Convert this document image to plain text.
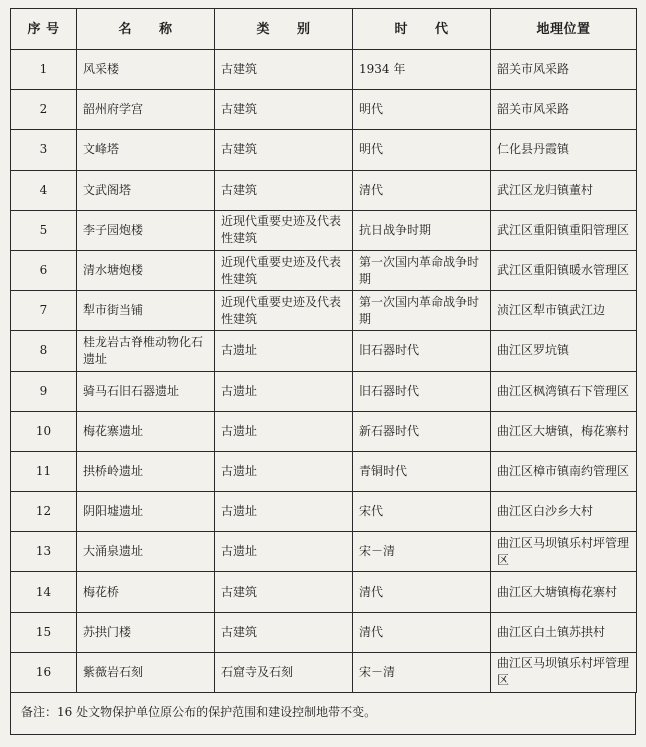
序 号	名　　称	类　　别	时　　代	地理位置
1	风采楼	古建筑	1934 年	韶关市风采路
2	韶州府学宫	古建筑	明代	韶关市风采路
3	文峰塔	古建筑	明代	仁化县丹霞镇
4	文武阁塔	古建筑	清代	武江区龙归镇董村
5	李子园炮楼	近现代重要史迹及代表性建筑	抗日战争时期	武江区重阳镇重阳管理区
6	清水塘炮楼	近现代重要史迹及代表性建筑	第一次国内革命战争时期	武江区重阳镇暖水管理区
7	犁市街当铺	近现代重要史迹及代表性建筑	第一次国内革命战争时期	浈江区犁市镇武江边
8	桂龙岩古脊椎动物化石遗址	古遗址	旧石器时代	曲江区罗坑镇
9	骑马石旧石器遗址	古遗址	旧石器时代	曲江区枫湾镇石下管理区
10	梅花寨遗址	古遗址	新石器时代	曲江区大塘镇，梅花寨村
11	拱桥岭遗址	古遗址	青铜时代	曲江区樟市镇南约管理区
12	阴阳墟遗址	古遗址	宋代	曲江区白沙乡大村
13	大涌泉遗址	古遗址	宋－清	曲江区马坝镇乐村坪管理区
14	梅花桥	古建筑	清代	曲江区大塘镇梅花寨村
15	苏拱门楼	古建筑	清代	曲江区白土镇苏拱村
16	紫薇岩石刻	石窟寺及石刻	宋－清	曲江区马坝镇乐村坪管理区
备注：16 处文物保护单位原公布的保护范围和建设控制地带不变。
